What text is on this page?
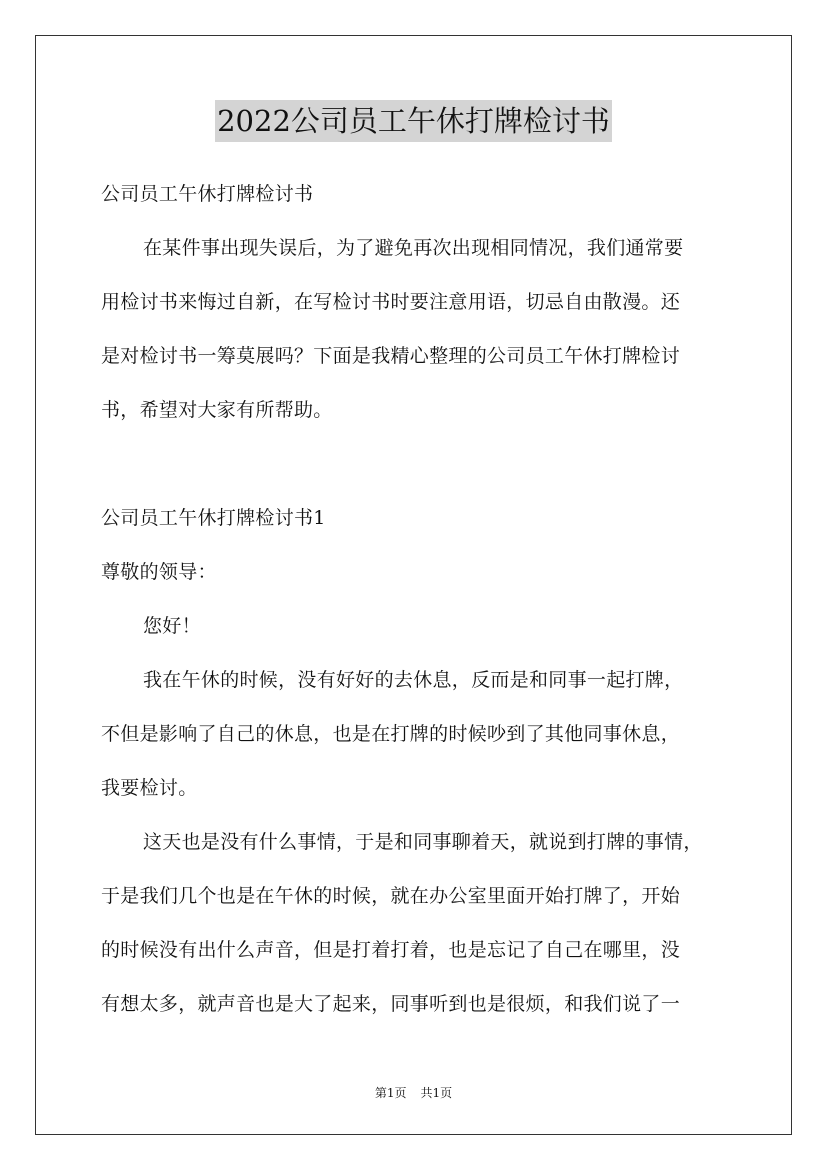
2022公司员工午休打牌检讨书
公司员工午休打牌检讨书
在某件事出现失误后，为了避免再次出现相同情况，我们通常要
用检讨书来悔过自新，在写检讨书时要注意用语，切忌自由散漫。还
是对检讨书一筹莫展吗？下面是我精心整理的公司员工午休打牌检讨
书，希望对大家有所帮助。
公司员工午休打牌检讨书1
尊敬的领导：
您好！
我在午休的时候，没有好好的去休息，反而是和同事一起打牌，
不但是影响了自己的休息，也是在打牌的时候吵到了其他同事休息，
我要检讨。
这天也是没有什么事情，于是和同事聊着天，就说到打牌的事情，
于是我们几个也是在午休的时候，就在办公室里面开始打牌了，开始
的时候没有出什么声音，但是打着打着，也是忘记了自己在哪里，没
有想太多，就声音也是大了起来，同事听到也是很烦，和我们说了一
第1页 共1页
